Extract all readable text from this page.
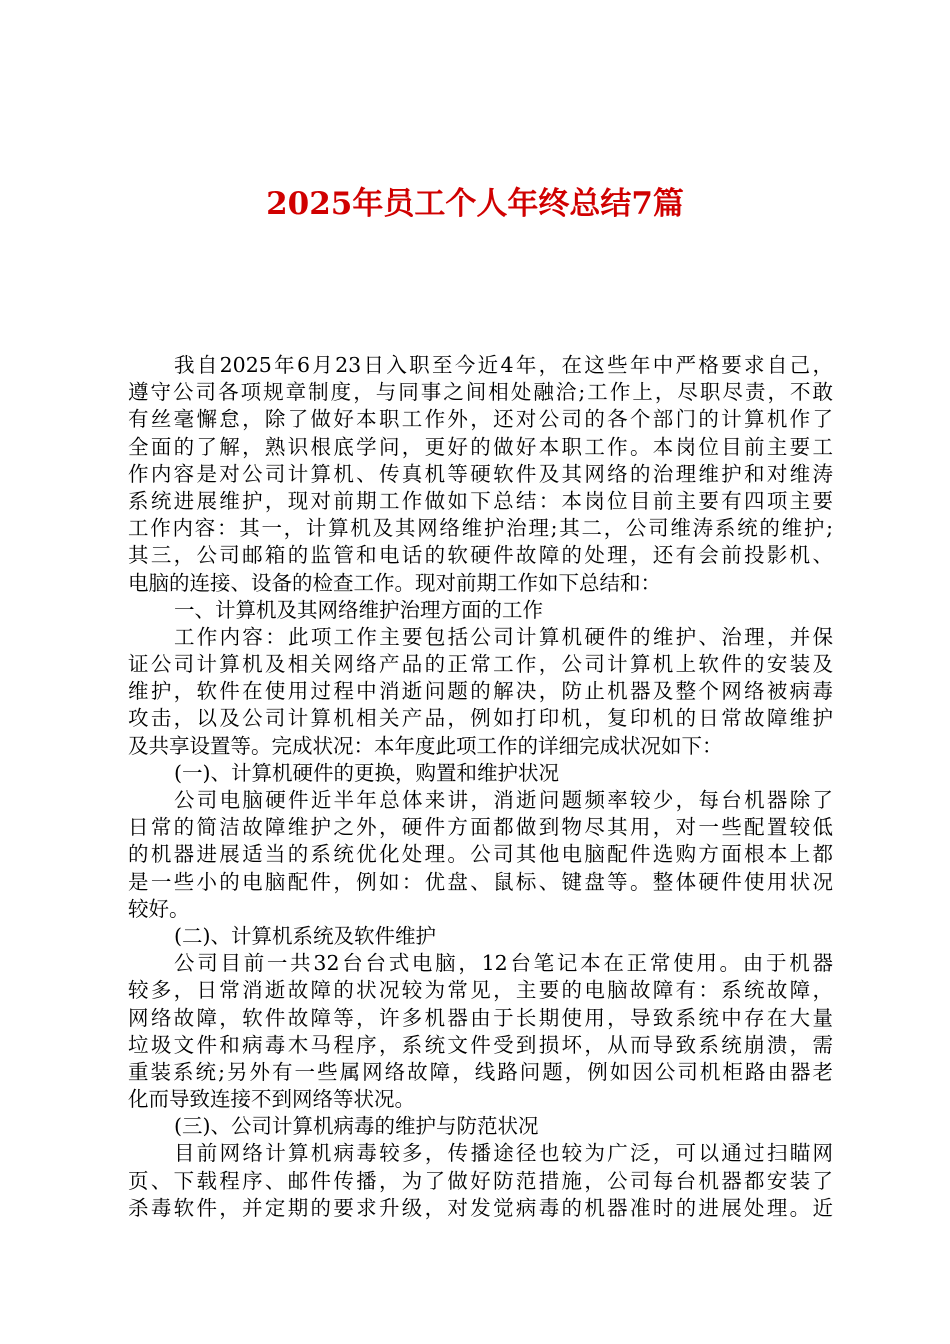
2025年员工个人年终总结7篇
我自2025年6月23日入职至今近4年，在这些年中严格要求自己，
遵守公司各项规章制度，与同事之间相处融洽;工作上，尽职尽责，不敢
有丝毫懈怠，除了做好本职工作外，还对公司的各个部门的计算机作了
全面的了解，熟识根底学问，更好的做好本职工作。本岗位目前主要工
作内容是对公司计算机、传真机等硬软件及其网络的治理维护和对维涛
系统进展维护，现对前期工作做如下总结：本岗位目前主要有四项主要
工作内容：其一，计算机及其网络维护治理;其二，公司维涛系统的维护;
其三，公司邮箱的监管和电话的软硬件故障的处理，还有会前投影机、
电脑的连接、设备的检查工作。现对前期工作如下总结和：
一、计算机及其网络维护治理方面的工作
工作内容：此项工作主要包括公司计算机硬件的维护、治理，并保
证公司计算机及相关网络产品的正常工作，公司计算机上软件的安装及
维护，软件在使用过程中消逝问题的解决，防止机器及整个网络被病毒
攻击，以及公司计算机相关产品，例如打印机，复印机的日常故障维护
及共享设置等。完成状况：本年度此项工作的详细完成状况如下：
(一)、计算机硬件的更换，购置和维护状况
公司电脑硬件近半年总体来讲，消逝问题频率较少，每台机器除了
日常的简洁故障维护之外，硬件方面都做到物尽其用，对一些配置较低
的机器进展适当的系统优化处理。公司其他电脑配件选购方面根本上都
是一些小的电脑配件，例如：优盘、鼠标、键盘等。整体硬件使用状况
较好。
(二)、计算机系统及软件维护
公司目前一共32台台式电脑，12台笔记本在正常使用。由于机器
较多，日常消逝故障的状况较为常见，主要的电脑故障有：系统故障，
网络故障，软件故障等，许多机器由于长期使用，导致系统中存在大量
垃圾文件和病毒木马程序，系统文件受到损坏，从而导致系统崩溃，需
重装系统;另外有一些属网络故障，线路问题，例如因公司机柜路由器老
化而导致连接不到网络等状况。
(三)、公司计算机病毒的维护与防范状况
目前网络计算机病毒较多，传播途径也较为广泛，可以通过扫瞄网
页、下载程序、邮件传播，为了做好防范措施，公司每台机器都安装了
杀毒软件，并定期的要求升级，对发觉病毒的机器准时的进展处理。近
